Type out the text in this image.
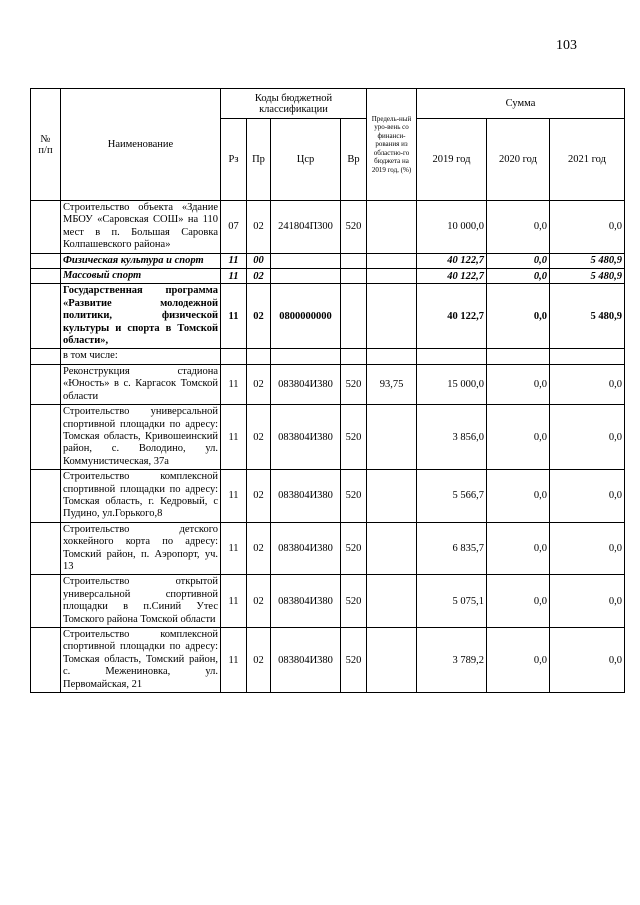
103
№
п/п	Наименование	Коды бюджетной классификации				Предель-ный уро-вень со финанси-рования из областно-го бюджета на 2019 год, (%)	Сумма		
		Рз	Пр	Цср	Вр		2019 год	2020 год	2021 год
	Строительство объекта «Здание МБОУ «Саровская СОШ» на 110 мест в п. Большая Саровка Колпашевского района»	07	02	241804П300	520		10 000,0	0,0	0,0
	Физическая культура и спорт	11	00				40 122,7	0,0	5 480,9
	Массовый спорт	11	02				40 122,7	0,0	5 480,9
	Государственная программа «Развитие молодежной политики, физической культуры и спорта в Томской области»,	11	02	0800000000			40 122,7	0,0	5 480,9
	в том числе:								
	Реконструкция стадиона «Юность» в с. Каргасок Томской области	11	02	083804И380	520	93,75	15 000,0	0,0	0,0
	Строительство универсальной спортивной площадки по адресу: Томская область, Кривошеинский район, с. Володино, ул. Коммунистическая, 37а	11	02	083804И380	520		3 856,0	0,0	0,0
	Строительство комплексной спортивной площадки по адресу: Томская область, г. Кедровый, с Пудино, ул.Горького,8	11	02	083804И380	520		5 566,7	0,0	0,0
	Строительство детского хоккейного корта по адресу: Томский район, п. Аэропорт, уч. 13	11	02	083804И380	520		6 835,7	0,0	0,0
	Строительство открытой универсальной спортивной площадки в п.Синий Утес Томского района Томской области	11	02	083804И380	520		5 075,1	0,0	0,0
	Строительство комплексной спортивной площадки по адресу: Томская область, Томский район, с. Межениновка, ул. Первомайская, 21	11	02	083804И380	520		3 789,2	0,0	0,0
